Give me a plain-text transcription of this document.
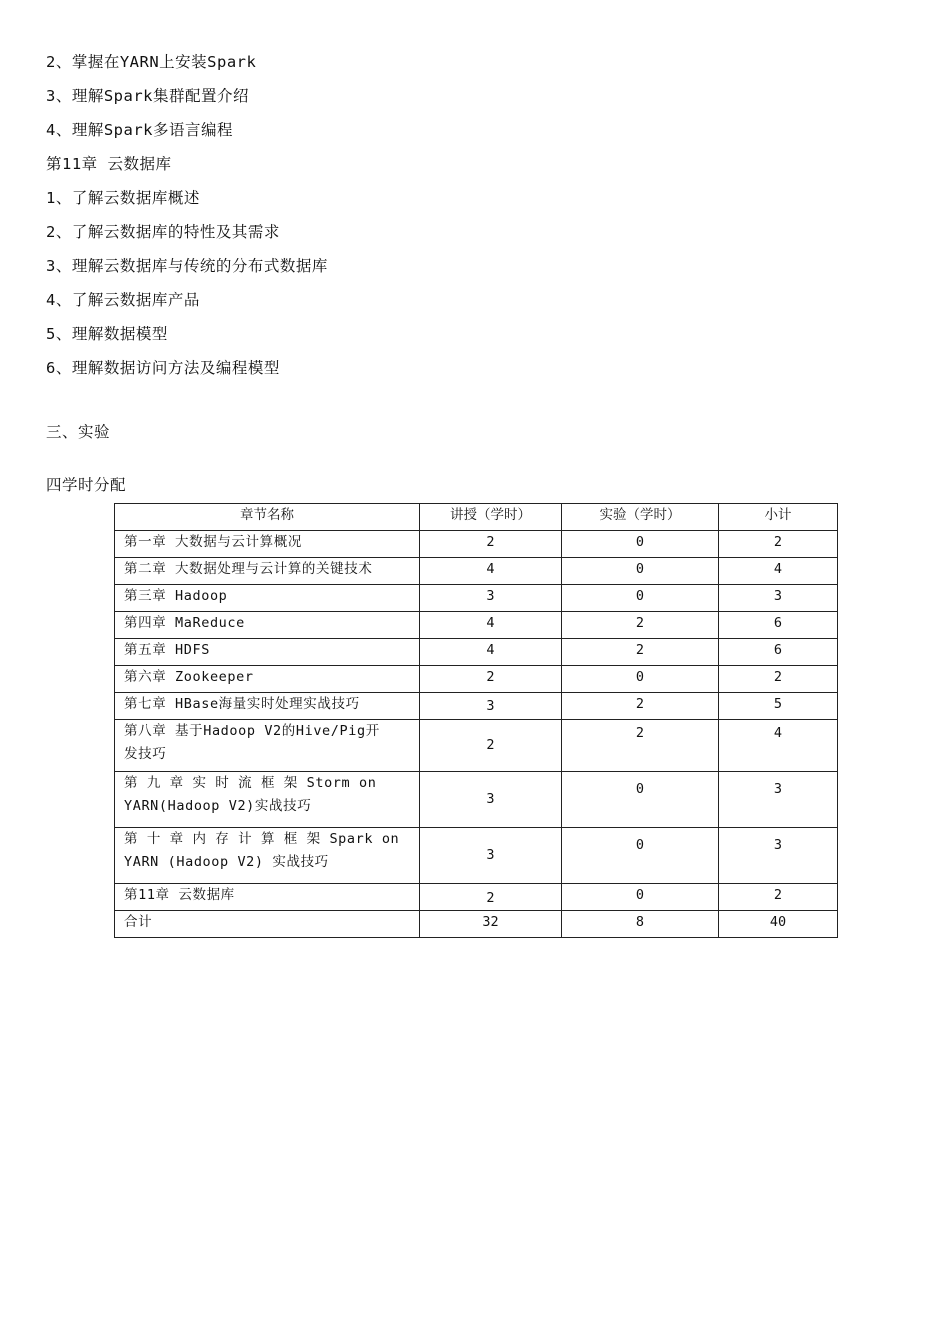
2、掌握在YARN上安装Spark
3、理解Spark集群配置介绍
4、理解Spark多语言编程
第11章 云数据库
1、了解云数据库概述
2、了解云数据库的特性及其需求
3、理解云数据库与传统的分布式数据库
4、了解云数据库产品
5、理解数据模型
6、理解数据访问方法及编程模型
三、实验
四学时分配
章节名称	讲授（学时）	实验（学时）	小计
第一章 大数据与云计算概况	2	0	2
第二章 大数据处理与云计算的关键技术	4	0	4
第三章 Hadoop	3	0	3
第四章 MaReduce	4	2	6
第五章 HDFS	4	2	6
第六章 Zookeeper	2	0	2
第七章 HBase海量实时处理实战技巧	3	2	5

第八章 基于Hadoop V2的Hive/Pig开
发技巧	2	2	4

第 九 章 实 时 流 框 架 Storm on
YARN(Hadoop V2)实战技巧	3	0	3

第 十 章 内 存 计 算 框 架 Spark on
YARN (Hadoop V2) 实战技巧	3	0	3
第11章 云数据库	2	0	2
合计	32	8	40
